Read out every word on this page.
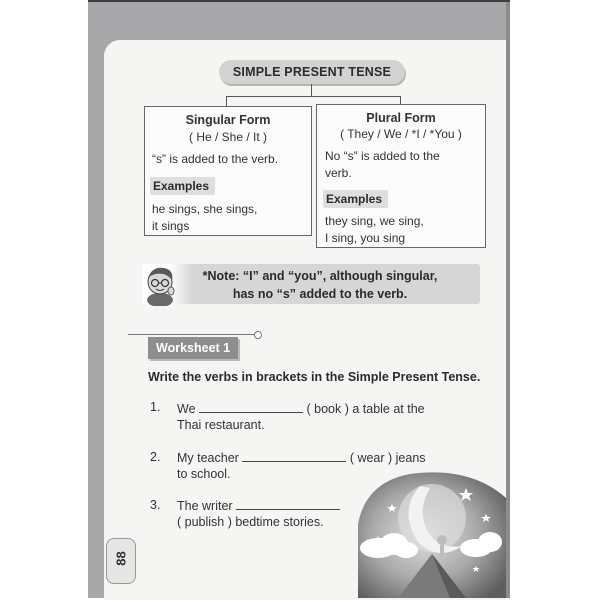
88
SIMPLE PRESENT TENSE
Singular Form
( He / She / It )
“s” is added to the verb.
Examples
he sings, she sings,
it sings
Plural Form
( They / We / *I / *You )
No “s” is added to the
verb.
Examples
they sing, we sing,
I sing, you sing
*Note: “I” and “you”, although singular,
has no “s” added to the verb.
Worksheet 1
Write the verbs in brackets in the Simple Present Tense.
1. We	( book ) a table at the
Thai restaurant.
2. My teacher	( wear ) jeans
to school.
3. The writer
( publish ) bedtime stories.
